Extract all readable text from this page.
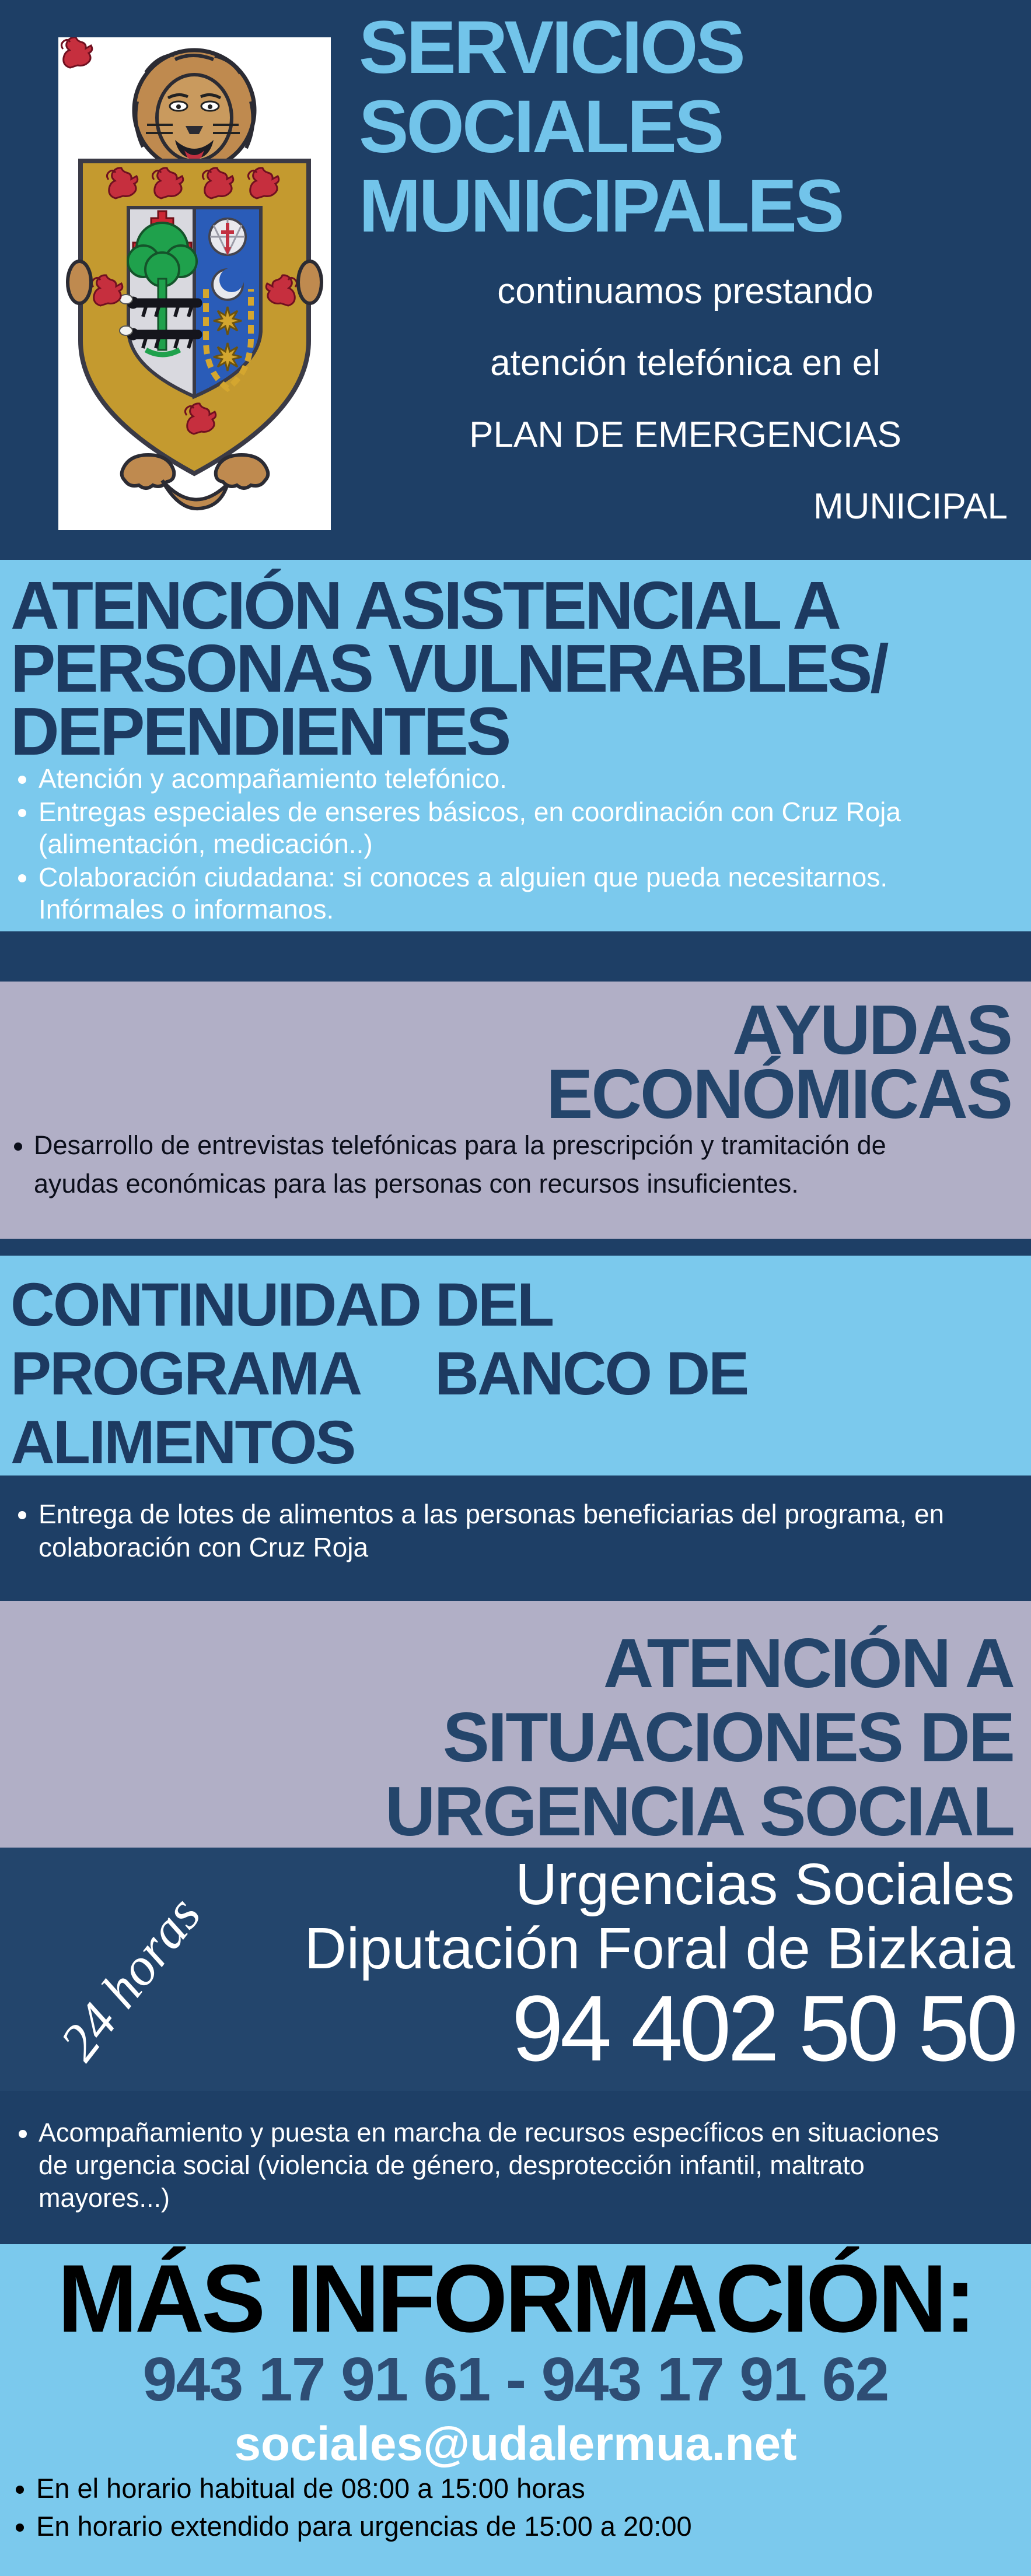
SERVICIOS
SOCIALES
MUNICIPALES
continuamos prestando
atención telefónica en el
PLAN DE EMERGENCIAS
MUNICIPAL
ATENCIÓN ASISTENCIAL A
PERSONAS VULNERABLES/
DEPENDIENTES
• Atención y acompañamiento telefónico.
• Entregas especiales de enseres básicos, en coordinación con Cruz Roja (alimentación, medicación..)
• Colaboración ciudadana: si conoces a alguien que pueda necesitarnos. Infórmales o informanos.
AYUDAS
ECONÓMICAS
• Desarrollo de entrevistas telefónicas para la prescripción y tramitación de ayudas económicas para las personas con recursos insuficientes.
CONTINUIDAD DEL
PROGRAMA     BANCO DE
ALIMENTOS
• Entrega de lotes de alimentos a las personas beneficiarias del programa, en colaboración con Cruz Roja
ATENCIÓN A
SITUACIONES DE
URGENCIA SOCIAL
24 horas
Urgencias Sociales
Diputación Foral de Bizkaia
94 402 50 50
• Acompañamiento y puesta en marcha de recursos específicos en situaciones de urgencia social (violencia de género, desprotección infantil, maltrato mayores...)
MÁS INFORMACIÓN:
943 17 91 61 - 943 17 91 62
sociales@udalermua.net
• En el horario habitual de 08:00 a 15:00 horas
• En horario extendido para urgencias de 15:00 a 20:00
